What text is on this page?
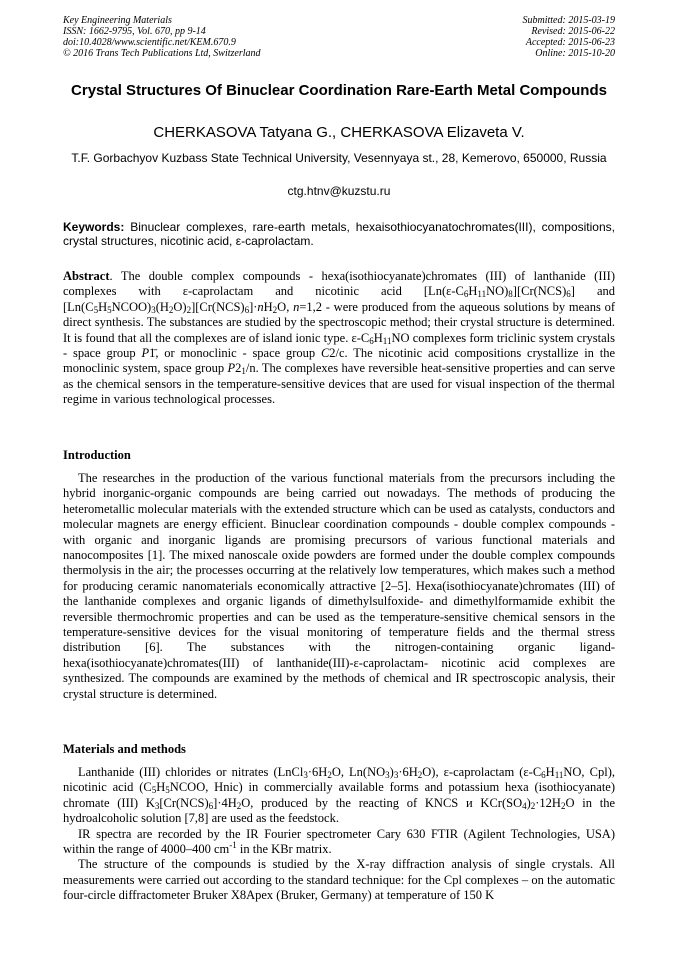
Key Engineering Materials
ISSN: 1662-9795, Vol. 670, pp 9-14
doi:10.4028/www.scientific.net/KEM.670.9
© 2016 Trans Tech Publications Ltd, Switzerland
Submitted: 2015-03-19
Revised: 2015-06-22
Accepted: 2015-06-23
Online: 2015-10-20
Crystal Structures Of Binuclear Coordination Rare-Earth Metal Compounds
CHERKASOVA Tatyana G., CHERKASOVA Elizaveta V.
T.F. Gorbachyov Kuzbass State Technical University, Vesennyaya st., 28, Kemerovo, 650000, Russia
ctg.htnv@kuzstu.ru
Keywords: Binuclear complexes, rare-earth metals, hexaisothiocyanatochromates(III), compositions, crystal structures, nicotinic acid, ε-caprolactam.

Abstract. The double complex compounds - hexa(isothiocyanate)chromates (III) of lanthanide (III) complexes with ε-caprolactam and nicotinic acid $[Ln(\varepsilon-C_6H_{11}NO)_8][Cr(NCS)_6]$ and $[Ln(C_5H_5NCOO)_3(H_2O)_2][Cr(NCS)_6]\cdot nH_2O$, n=1,2 - were produced from the aqueous solutions by means of direct synthesis. The substances are studied by the spectroscopic method; their crystal structure is determined. It is found that all the complexes are of island ionic type. $\varepsilon-C_6H_{11}NO$ complexes form triclinic system crystals - space group P1̄, or monoclinic - space group C2/c. The nicotinic acid compositions crystallize in the monoclinic system, space group $P2_1/n$. The complexes have reversible heat-sensitive properties and can serve as the chemical sensors in the temperature-sensitive devices that are used for visual inspection of the thermal regime in various technological processes.

Introduction

The researches in the production of the various functional materials from the precursors including the hybrid inorganic-organic compounds are being carried out nowadays. The methods of producing the heterometallic molecular materials with the extended structure which can be used as catalysts, conductors and molecular magnets are energy efficient. Binuclear coordination compounds - double complex compounds - with organic and inorganic ligands are promising precursors of various functional materials and nanocomposites [1]. The mixed nanoscale oxide powders are formed under the double complex compounds thermolysis in the air; the processes occurring at the relatively low temperatures, which makes such a method for producing ceramic nanomaterials economically attractive [2–5]. Hexa(isothiocyanate)chromates (III) of the lanthanide complexes and organic ligands of dimethylsulfoxide- and dimethylformamide exhibit the reversible thermochromic properties and can be used as the temperature-sensitive chemical sensors in the temperature-sensitive devices for the visual monitoring of temperature fields and the thermal stress distribution [6]. The substances with the nitrogen-containing organic ligand-hexa(isothiocyanate)chromates(III) of lanthanide(III)-ε-caprolactam- nicotinic acid complexes are synthesized. The compounds are examined by the methods of chemical and IR spectroscopic analysis, their crystal structure is determined.

Materials and methods

Lanthanide (III) chlorides or nitrates ($LnCl_3\cdot 6H_2O$, $Ln(NO_3)_3\cdot 6H_2O$), ε-caprolactam ($\varepsilon-C_6H_{11}NO$, Cpl), nicotinic acid ($C_5H_5NCOO$, Hnic) in commercially available forms and potassium hexa (isothiocyanate) chromate (III) $K_3[Cr(NCS)_6]\cdot 4H_2O$, produced by the reacting of KNCS и $KCr(SO_4)_2\cdot 12H_2O$ in the hydroalcoholic solution [7,8] are used as the feedstock.

IR spectra are recorded by the IR Fourier spectrometer Cary 630 FTIR (Agilent Technologies, USA) within the range of 4000–400 $cm^{-1}$ in the KBr matrix.

The structure of the compounds is studied by the X-ray diffraction analysis of single crystals. All measurements were carried out according to the standard technique: for the Cpl complexes – on the automatic four-circle diffractometer Bruker X8Apex (Bruker, Germany) at temperature of 150 K
